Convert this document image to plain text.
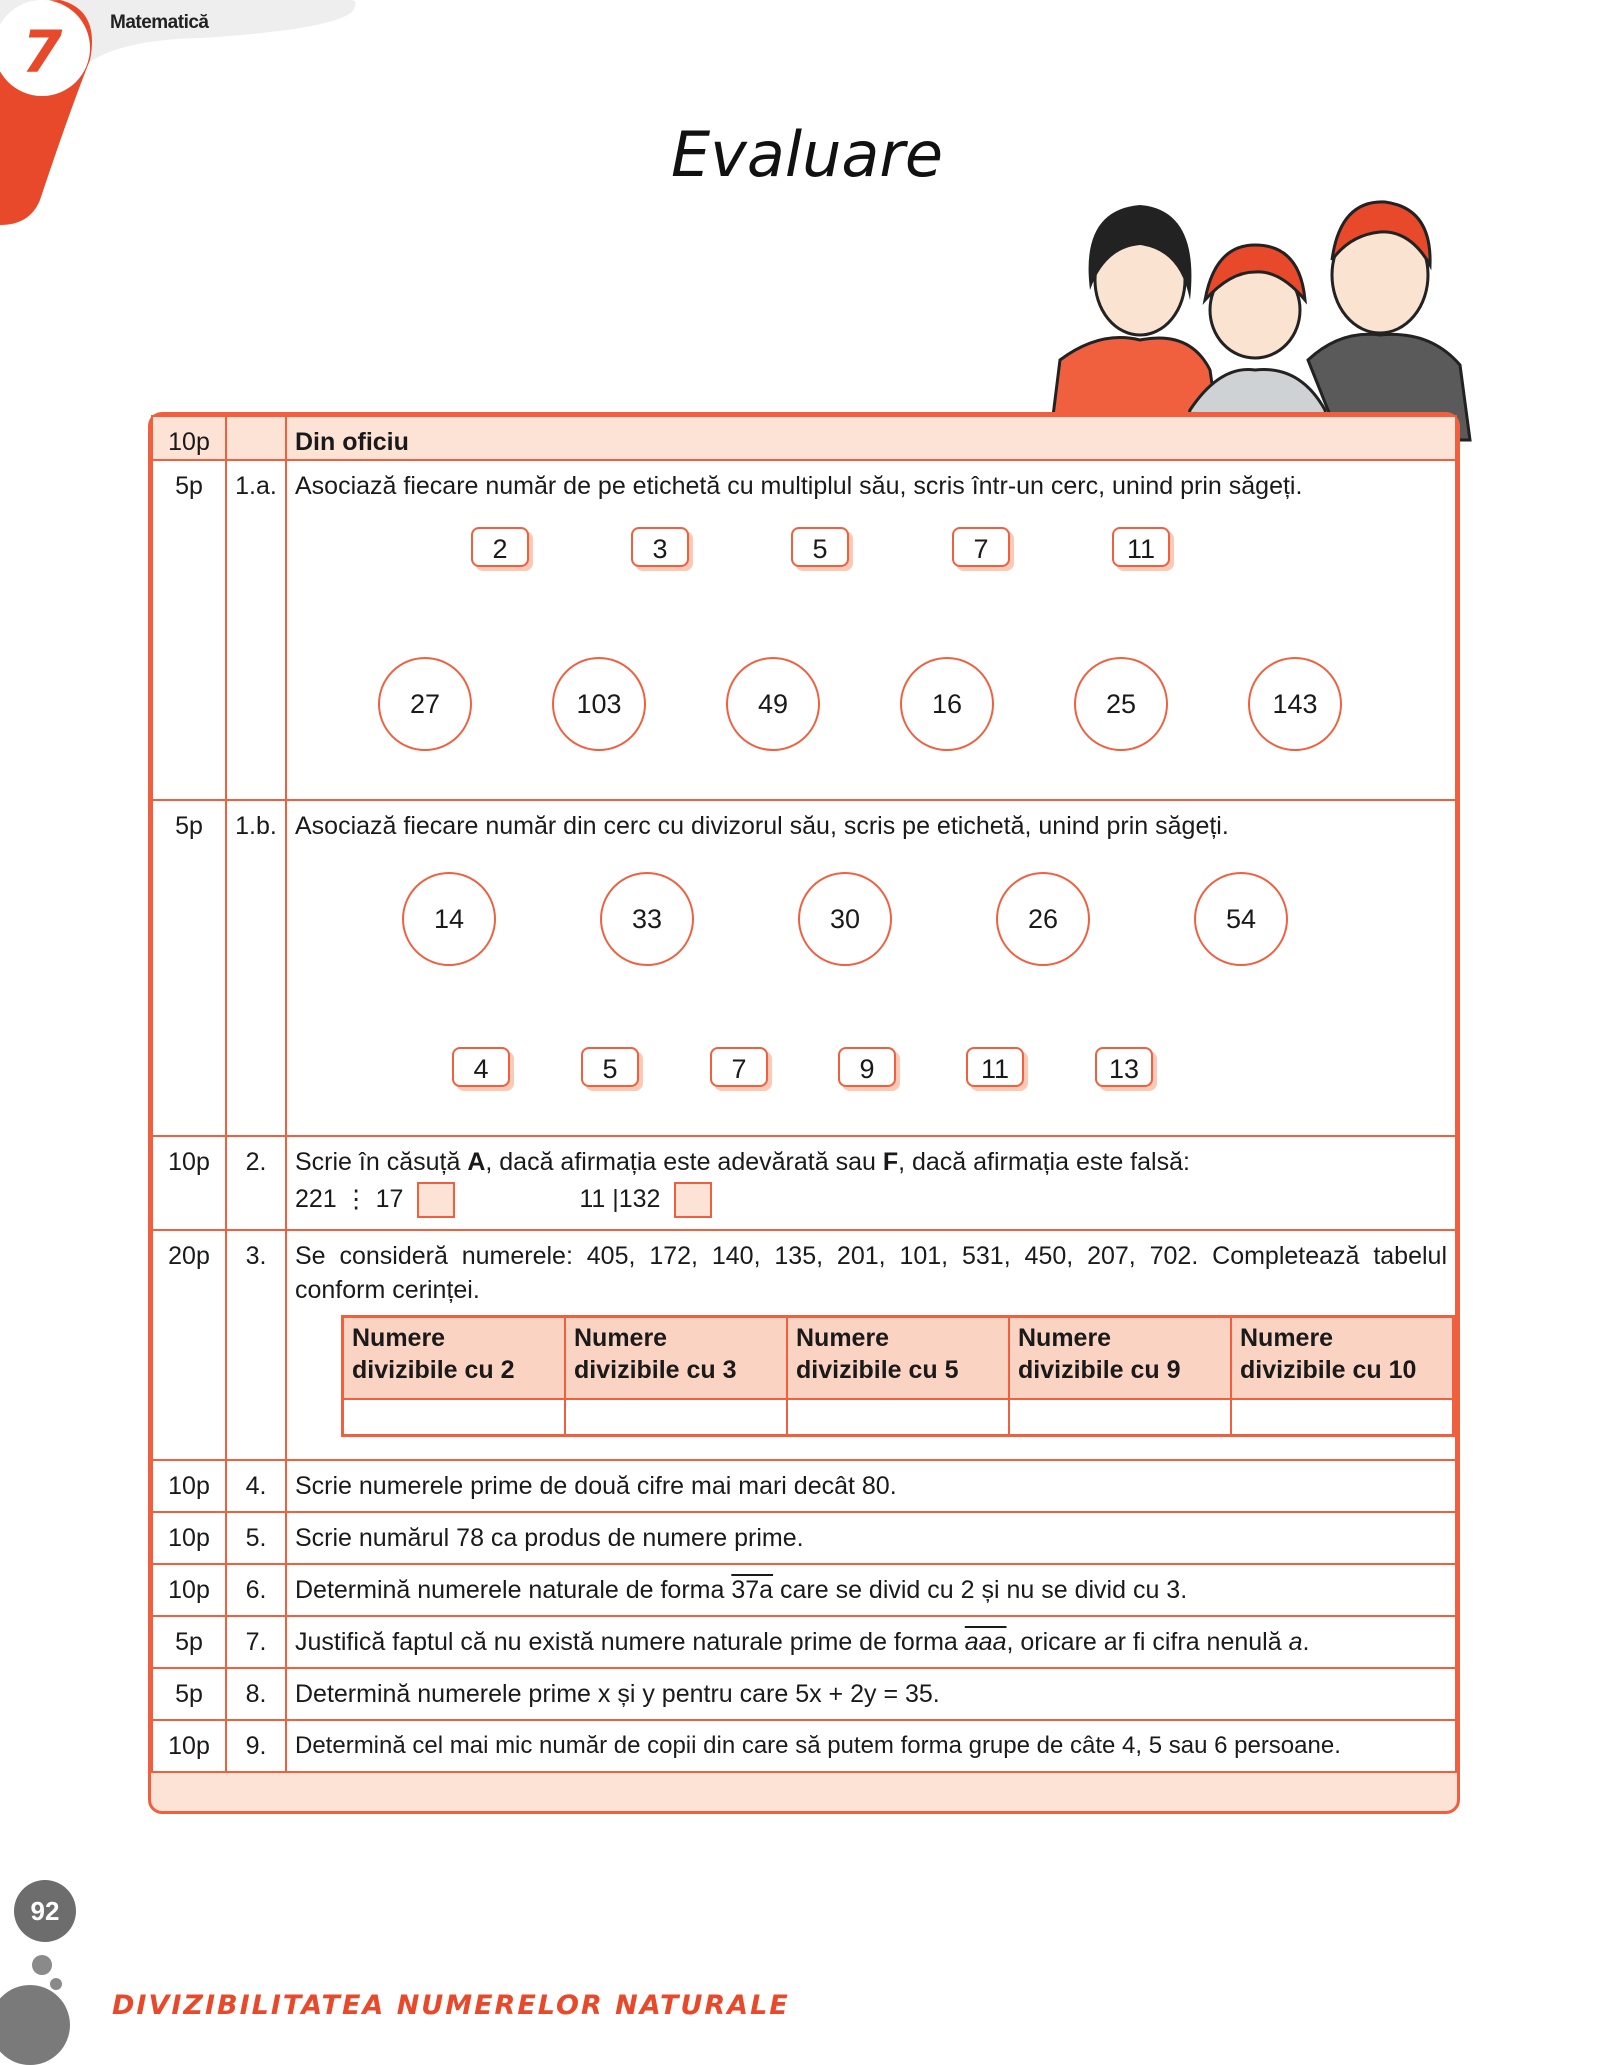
7	Matematică
Evaluare
10p		Din oficiu

5p	1.a.	Asociază fiecare număr de pe etichetă cu multiplul său, scris într-un cerc, unind prin săgeți.
2	3	5	7	11
27	103	49	16	25	143

5p	1.b.	Asociază fiecare număr din cerc cu divizorul său, scris pe etichetă, unind prin săgeți.
14	33	30	26	54
4	5	7	9	11	13

10p	2.	Scrie în căsuță A, dacă afirmația este adevărată sau F, dacă afirmația este falsă:
221 ⋮ 17	11 |132

20p	3.	Se consideră numerele: 405, 172, 140, 135, 201, 101, 531, 450, 207, 702. Completează tabelul conform cerinței.
Numere divizibile cu 2	Numere divizibile cu 3	Numere divizibile cu 5	Numere divizibile cu 9	Numere divizibile cu 10

10p	4.	Scrie numerele prime de două cifre mai mari decât 80.

10p	5.	Scrie numărul 78 ca produs de numere prime.

10p	6.	Determină numerele naturale de forma 37a care se divid cu 2 și nu se divid cu 3.

5p	7.	Justifică faptul că nu există numere naturale prime de forma $\overline{aaa}$, oricare ar fi cifra nenulă a.

5p	8.	Determină numerele prime x și y pentru care 5x + 2y = 35.

10p	9.	Determină cel mai mic număr de copii din care să putem forma grupe de câte 4, 5 sau 6 persoane.
92
DIVIZIBILITATEA NUMERELOR NATURALE
